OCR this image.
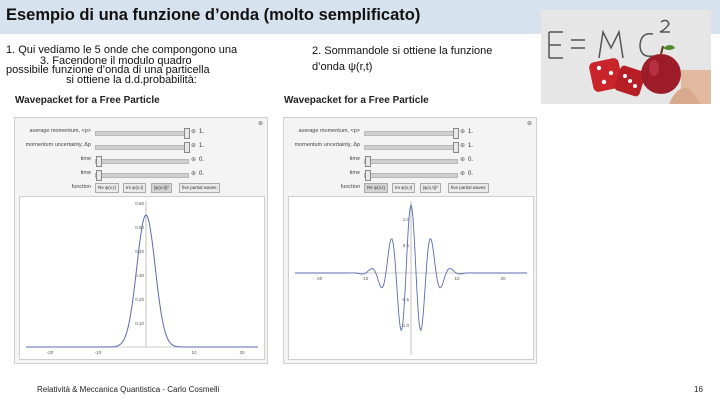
Esempio di una funzione d’onda (molto semplificato)
1. Qui vediamo le 5 onde che compongono una
possibile funzione d’onda di una particella
3. Facendone il modulo quadro
si ottiene la d.d.probabilità:
2. Sommandole si ottiene la funzione
d’onda ψ(r,t)
Wavepacket for a Free Particle
⊕
average momentum, <p>	⊕ 1.
momentum uncertainty, Δp	⊕ 1.
time	⊕ 0.
time	⊕ 0.
function	Re ψ(x,t)	Im ψ(x,t)	|ψ(x,t)|²	five partial waves
0.60
0.50
0.40
0.30
0.20
0.10
-20	-10	10	20
Wavepacket for a Free Particle
⊕
average momentum, <p>	⊕ 1.
momentum uncertainty, Δp	⊕ 1.
time	⊕ 0.
time	⊕ 0.
function	Re ψ(x,t)	Im ψ(x,t)	|ψ(x,t)|²	five partial waves
1.0
0.5
-0.5
-1.0
-20	-10	10	20
Relatività & Meccanica Quantistica - Carlo Cosmelli	16
